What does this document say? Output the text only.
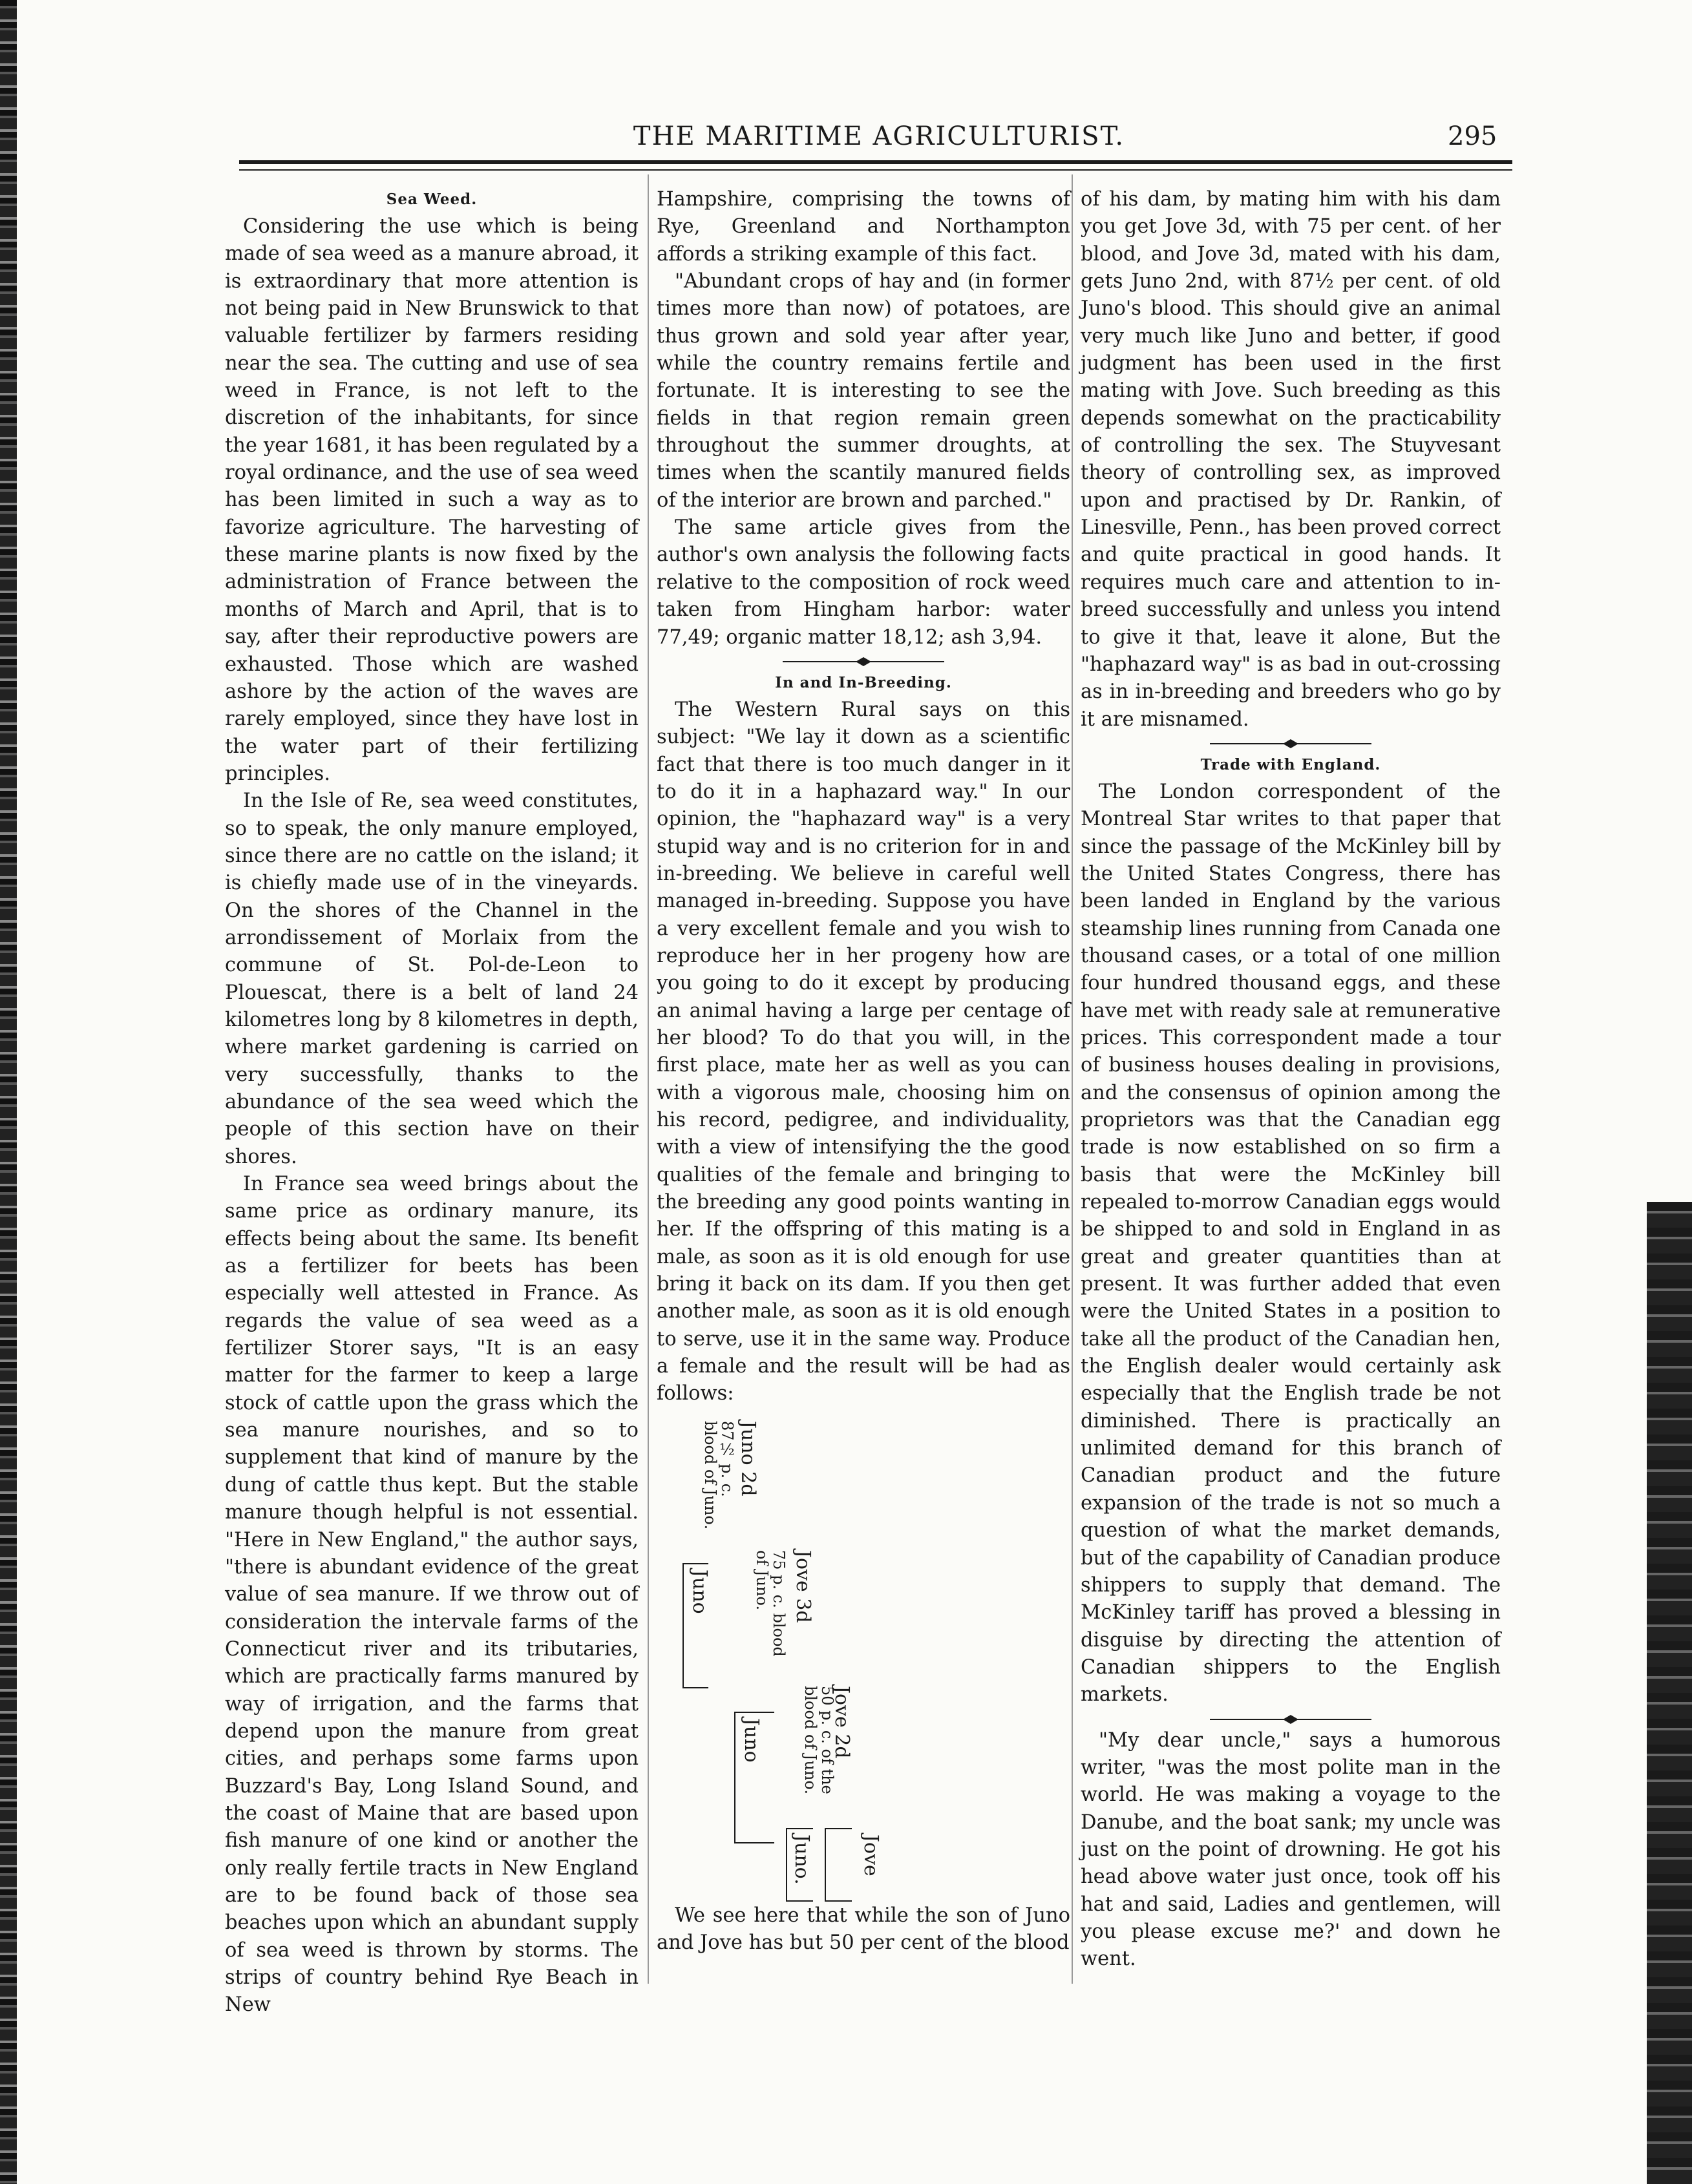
THE MARITIME AGRICULTURIST.	295

Sea Weed.

Considering the use which is being made of sea weed as a manure abroad, it is extraordinary that more attention is not being paid in New Brunswick to that valuable fertilizer by farmers residing near the sea. The cutting and use of sea weed in France, is not left to the discretion of the inhabitants, for since the year 1681, it has been regulated by a royal ordinance, and the use of sea weed has been limited in such a way as to favorize agriculture. The harvesting of these marine plants is now fixed by the administration of France between the months of March and April, that is to say, after their reproductive powers are exhausted. Those which are washed ashore by the action of the waves are rarely employed, since they have lost in the water part of their fertilizing principles.

In the Isle of Re, sea weed constitutes, so to speak, the only manure employed, since there are no cattle on the island; it is chiefly made use of in the vineyards. On the shores of the Channel in the arrondissement of Morlaix from the commune of St. Pol-de-Leon to Plouescat, there is a belt of land 24 kilometres long by 8 kilometres in depth, where market gardening is carried on very successfully, thanks to the abundance of the sea weed which the people of this section have on their shores.

In France sea weed brings about the same price as ordinary manure, its effects being about the same. Its benefit as a fertilizer for beets has been especially well attested in France. As regards the value of sea weed as a fertilizer Storer says, "It is an easy matter for the farmer to keep a large stock of cattle upon the grass which the sea manure nourishes, and so to supplement that kind of manure by the dung of cattle thus kept. But the stable manure though helpful is not essential. "Here in New England," the author says, "there is abundant evidence of the great value of sea manure. If we throw out of consideration the intervale farms of the Connecticut river and its tributaries, which are practically farms manured by way of irrigation, and the farms that depend upon the manure from great cities, and perhaps some farms upon Buzzard's Bay, Long Island Sound, and the coast of Maine that are based upon fish manure of one kind or another the only really fertile tracts in New England are to be found back of those sea beaches upon which an abundant supply of sea weed is thrown by storms. The strips of country behind Rye Beach in New

Hampshire, comprising the towns of Rye, Greenland and Northampton affords a striking example of this fact.

"Abundant crops of hay and (in former times more than now) of potatoes, are thus grown and sold year after year, while the country remains fertile and fortunate. It is interesting to see the fields in that region remain green throughout the summer droughts, at times when the scantily manured fields of the interior are brown and parched."

The same article gives from the author's own analysis the following facts relative to the composition of rock weed taken from Hingham harbor: water 77,49; organic matter 18,12; ash 3,94.

In and In-Breeding.

The Western Rural says on this subject: "We lay it down as a scientific fact that there is too much danger in it to do it in a haphazard way." In our opinion, the "haphazard way" is a very stupid way and is no criterion for in and in-breeding. We believe in careful well managed in-breeding. Suppose you have a very excellent female and you wish to reproduce her in her progeny how are you going to do it except by producing an animal having a large per centage of her blood? To do that you will, in the first place, mate her as well as you can with a vigorous male, choosing him on his record, pedigree, and individuality, with a view of intensifying the the good qualities of the female and bringing to the breeding any good points wanting in her. If the offspring of this mating is a male, as soon as it is old enough for use bring it back on its dam. If you then get another male, as soon as it is old enough to serve, use it in the same way. Produce a female and the result will be had as follows:

Juno 2d
87½ p. c. blood of Juno.
Juno	Jove 3d
75 p. c. blood of Juno.
Juno	Jove 2d
50 p. c. of the blood of Juno.
Juno. Jove

We see here that while the son of Juno and Jove has but 50 per cent of the blood

of his dam, by mating him with his dam you get Jove 3d, with 75 per cent. of her blood, and Jove 3d, mated with his dam, gets Juno 2nd, with 87½ per cent. of old Juno's blood. This should give an animal very much like Juno and better, if good judgment has been used in the first mating with Jove. Such breeding as this depends somewhat on the practicability of controlling the sex. The Stuyvesant theory of controlling sex, as improved upon and practised by Dr. Rankin, of Linesville, Penn., has been proved correct and quite practical in good hands. It requires much care and attention to in-breed successfully and unless you intend to give it that, leave it alone, But the "haphazard way" is as bad in out-crossing as in in-breeding and breeders who go by it are misnamed.

Trade with England.

The London correspondent of the Montreal Star writes to that paper that since the passage of the McKinley bill by the United States Congress, there has been landed in England by the various steamship lines running from Canada one thousand cases, or a total of one million four hundred thousand eggs, and these have met with ready sale at remunerative prices. This correspondent made a tour of business houses dealing in provisions, and the consensus of opinion among the proprietors was that the Canadian egg trade is now established on so firm a basis that were the McKinley bill repealed to-morrow Canadian eggs would be shipped to and sold in England in as great and greater quantities than at present. It was further added that even were the United States in a position to take all the product of the Canadian hen, the English dealer would certainly ask especially that the English trade be not diminished. There is practically an unlimited demand for this branch of Canadian product and the future expansion of the trade is not so much a question of what the market demands, but of the capability of Canadian produce shippers to supply that demand. The McKinley tariff has proved a blessing in disguise by directing the attention of Canadian shippers to the English markets.

"My dear uncle," says a humorous writer, "was the most polite man in the world. He was making a voyage to the Danube, and the boat sank; my uncle was just on the point of drowning. He got his head above water just once, took off his hat and said, Ladies and gentlemen, will you please excuse me?' and down he went.
